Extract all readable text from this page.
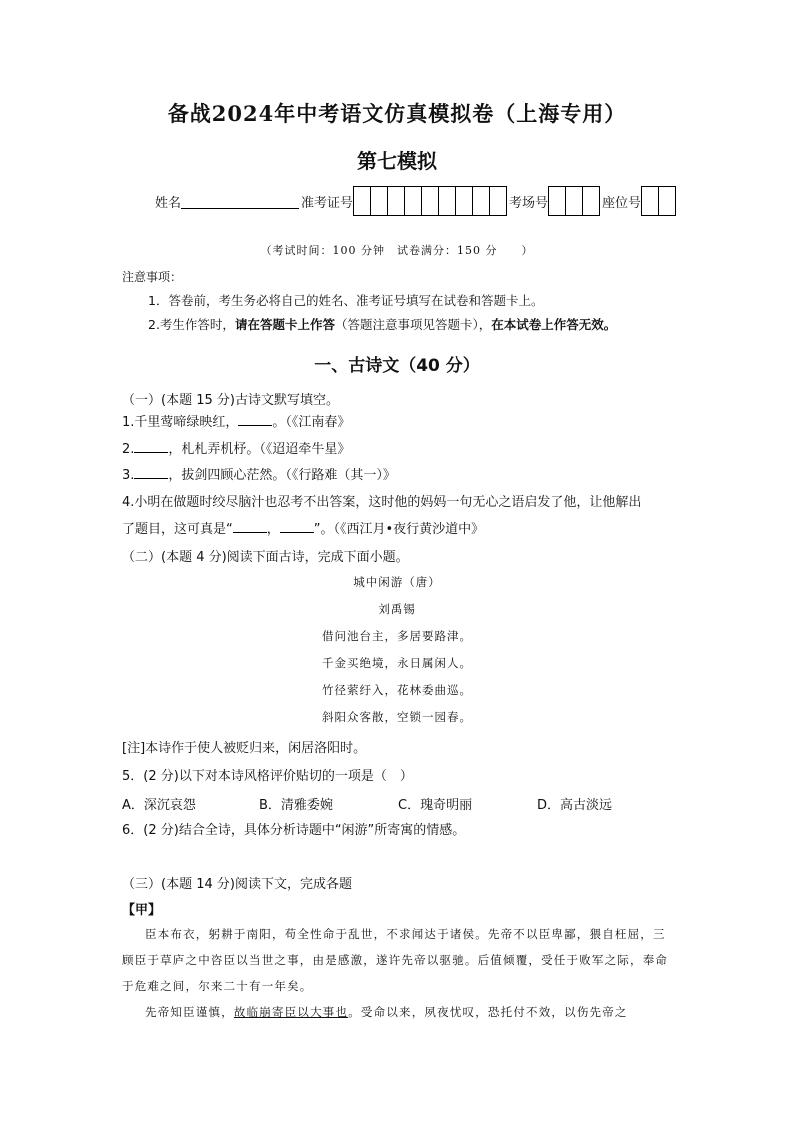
备战2024年中考语文仿真模拟卷（上海专用）
第七模拟
姓名	准考证号	考场号	座位号
（考试时间：100 分钟　试卷满分：150 分　　）
注意事项：
1．答卷前，考生务必将自己的姓名、准考证号填写在试卷和答题卡上。
2.考生作答时，请在答题卡上作答（答题注意事项见答题卡），在本试卷上作答无效。
一、古诗文（40 分）
（一）(本题 15 分)古诗文默写填空。
1.千里莺啼绿映红，	。（《江南春》
2.	，札札弄机杼。（《迢迢牵牛星》
3.	，拔剑四顾心茫然。（《行路难（其一）》
4.小明在做题时绞尽脑汁也忍考不出答案，这时他的妈妈一句无心之语启发了他，让他解出
了题目，这可真是“	，	”。（《西江月•夜行黄沙道中》
（二）(本题 4 分)阅读下面古诗，完成下面小题。
城中闲游（唐）
刘禹锡
借问池台主，多居要路津。
千金买绝境，永日属闲人。
竹径萦纡入，花林委曲巡。
斜阳众客散，空锁一园春。
[注]本诗作于使人被贬归来，闲居洛阳时。
5．(2 分)以下对本诗风格评价贴切的一项是（　）
A．深沉哀怨	B．清雅委婉	C．瑰奇明丽	D．高古淡远
6．(2 分)结合全诗，具体分析诗题中“闲游”所寄寓的情感。
（三）(本题 14 分)阅读下文，完成各题
【甲】

臣本布衣，躬耕于南阳，苟全性命于乱世，不求闻达于诸侯。先帝不以臣卑鄙，猥自枉屈，三顾臣于草庐之中咨臣以当世之事，由是感激，遂许先帝以驱驰。后值倾覆，受任于败军之际，奉命于危难之间，尔来二十有一年矣。

先帝知臣谨慎，故临崩寄臣以大事也。受命以来，夙夜忧叹，恐托付不效，以伤先帝之
